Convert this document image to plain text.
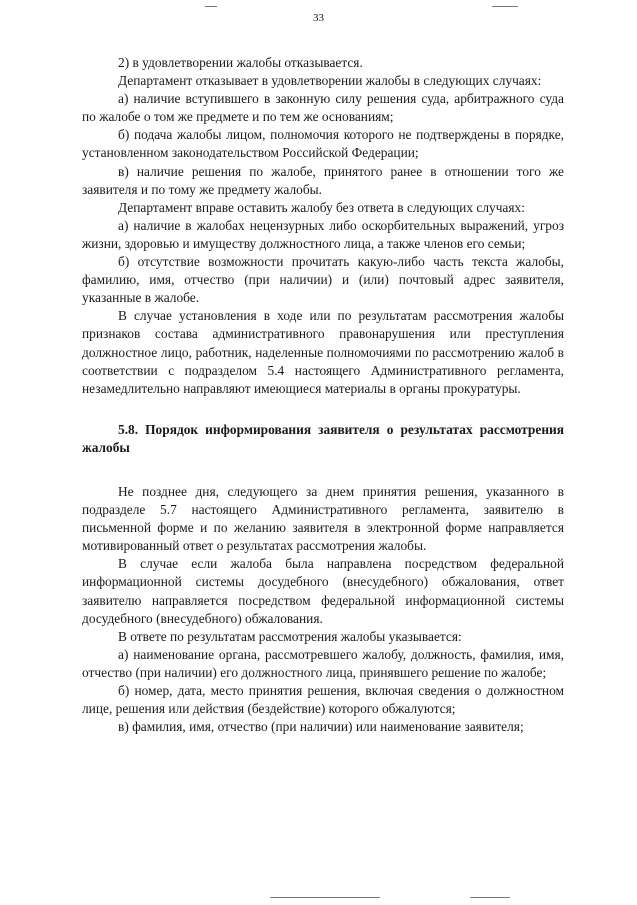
33

2) в удовлетворении жалобы отказывается.

Департамент отказывает в удовлетворении жалобы в следующих случаях:

а) наличие вступившего в законную силу решения суда, арбитражного суда по жалобе о том же предмете и по тем же основаниям;

б) подача жалобы лицом, полномочия которого не подтверждены в порядке, установленном законодательством Российской Федерации;

в) наличие решения по жалобе, принятого ранее в отношении того же заявителя и по тому же предмету жалобы.

Департамент вправе оставить жалобу без ответа в следующих случаях:

а) наличие в жалобах нецензурных либо оскорбительных выражений, угроз жизни, здоровью и имуществу должностного лица, а также членов его семьи;

б) отсутствие возможности прочитать какую-либо часть текста жалобы, фамилию, имя, отчество (при наличии) и (или) почтовый адрес заявителя, указанные в жалобе.

В случае установления в ходе или по результатам рассмотрения жалобы признаков состава административного правонарушения или преступления должностное лицо, работник, наделенные полномочиями по рассмотрению жалоб в соответствии с подразделом 5.4 настоящего Административного регламента, незамедлительно направляют имеющиеся материалы в органы прокуратуры.

5.8. Порядок информирования заявителя о результатах рассмотрения жалобы

Не позднее дня, следующего за днем принятия решения, указанного в подразделе 5.7 настоящего Административного регламента, заявителю в письменной форме и по желанию заявителя в электронной форме направляется мотивированный ответ о результатах рассмотрения жалобы.

В случае если жалоба была направлена посредством федеральной информационной системы досудебного (внесудебного) обжалования, ответ заявителю направляется посредством федеральной информационной системы досудебного (внесудебного) обжалования.

В ответе по результатам рассмотрения жалобы указывается:

а) наименование органа, рассмотревшего жалобу, должность, фамилия, имя, отчество (при наличии) его должностного лица, принявшего решение по жалобе;

б) номер, дата, место принятия решения, включая сведения о должностном лице, решения или действия (бездействие) которого обжалуются;

в) фамилия, имя, отчество (при наличии) или наименование заявителя;
